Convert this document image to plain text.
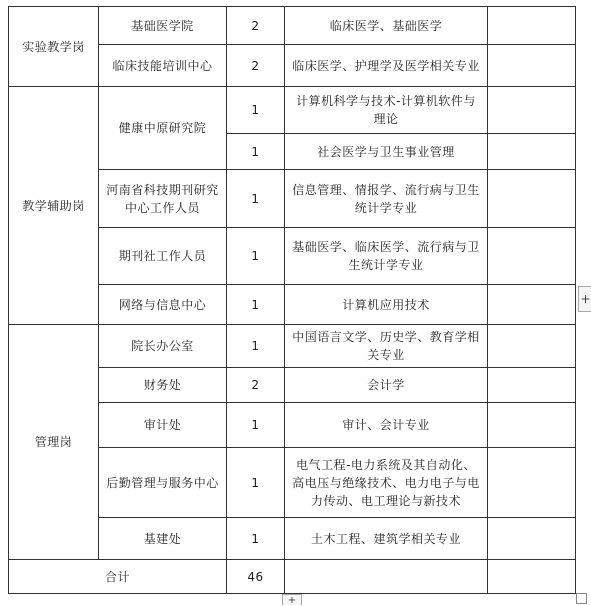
实验教学岗	基础医学院	2	临床医学、基础医学	
	临床技能培训中心	2	临床医学、护理学及医学相关专业	
教学辅助岗	健康中原研究院	1	计算机科学与技术-计算机软件与理论	
		1	社会医学与卫生事业管理	
	河南省科技期刊研究中心工作人员	1	信息管理、情报学、流行病与卫生统计学专业	
	期刊社工作人员	1	基础医学、临床医学、流行病与卫生统计学专业	
	网络与信息中心	1	计算机应用技术	

管理岗	院长办公室	1	中国语言文学、历史学、教育学相关专业	
	财务处	2	会计学	
	审计处	1	审计、会计专业	
	后勤管理与服务中心	1	电气工程-电力系统及其自动化、高电压与绝缘技术、电力电子与电力传动、电工理论与新技术	
	基建处	1	土木工程、建筑学相关专业	
合计		46		
+
+
